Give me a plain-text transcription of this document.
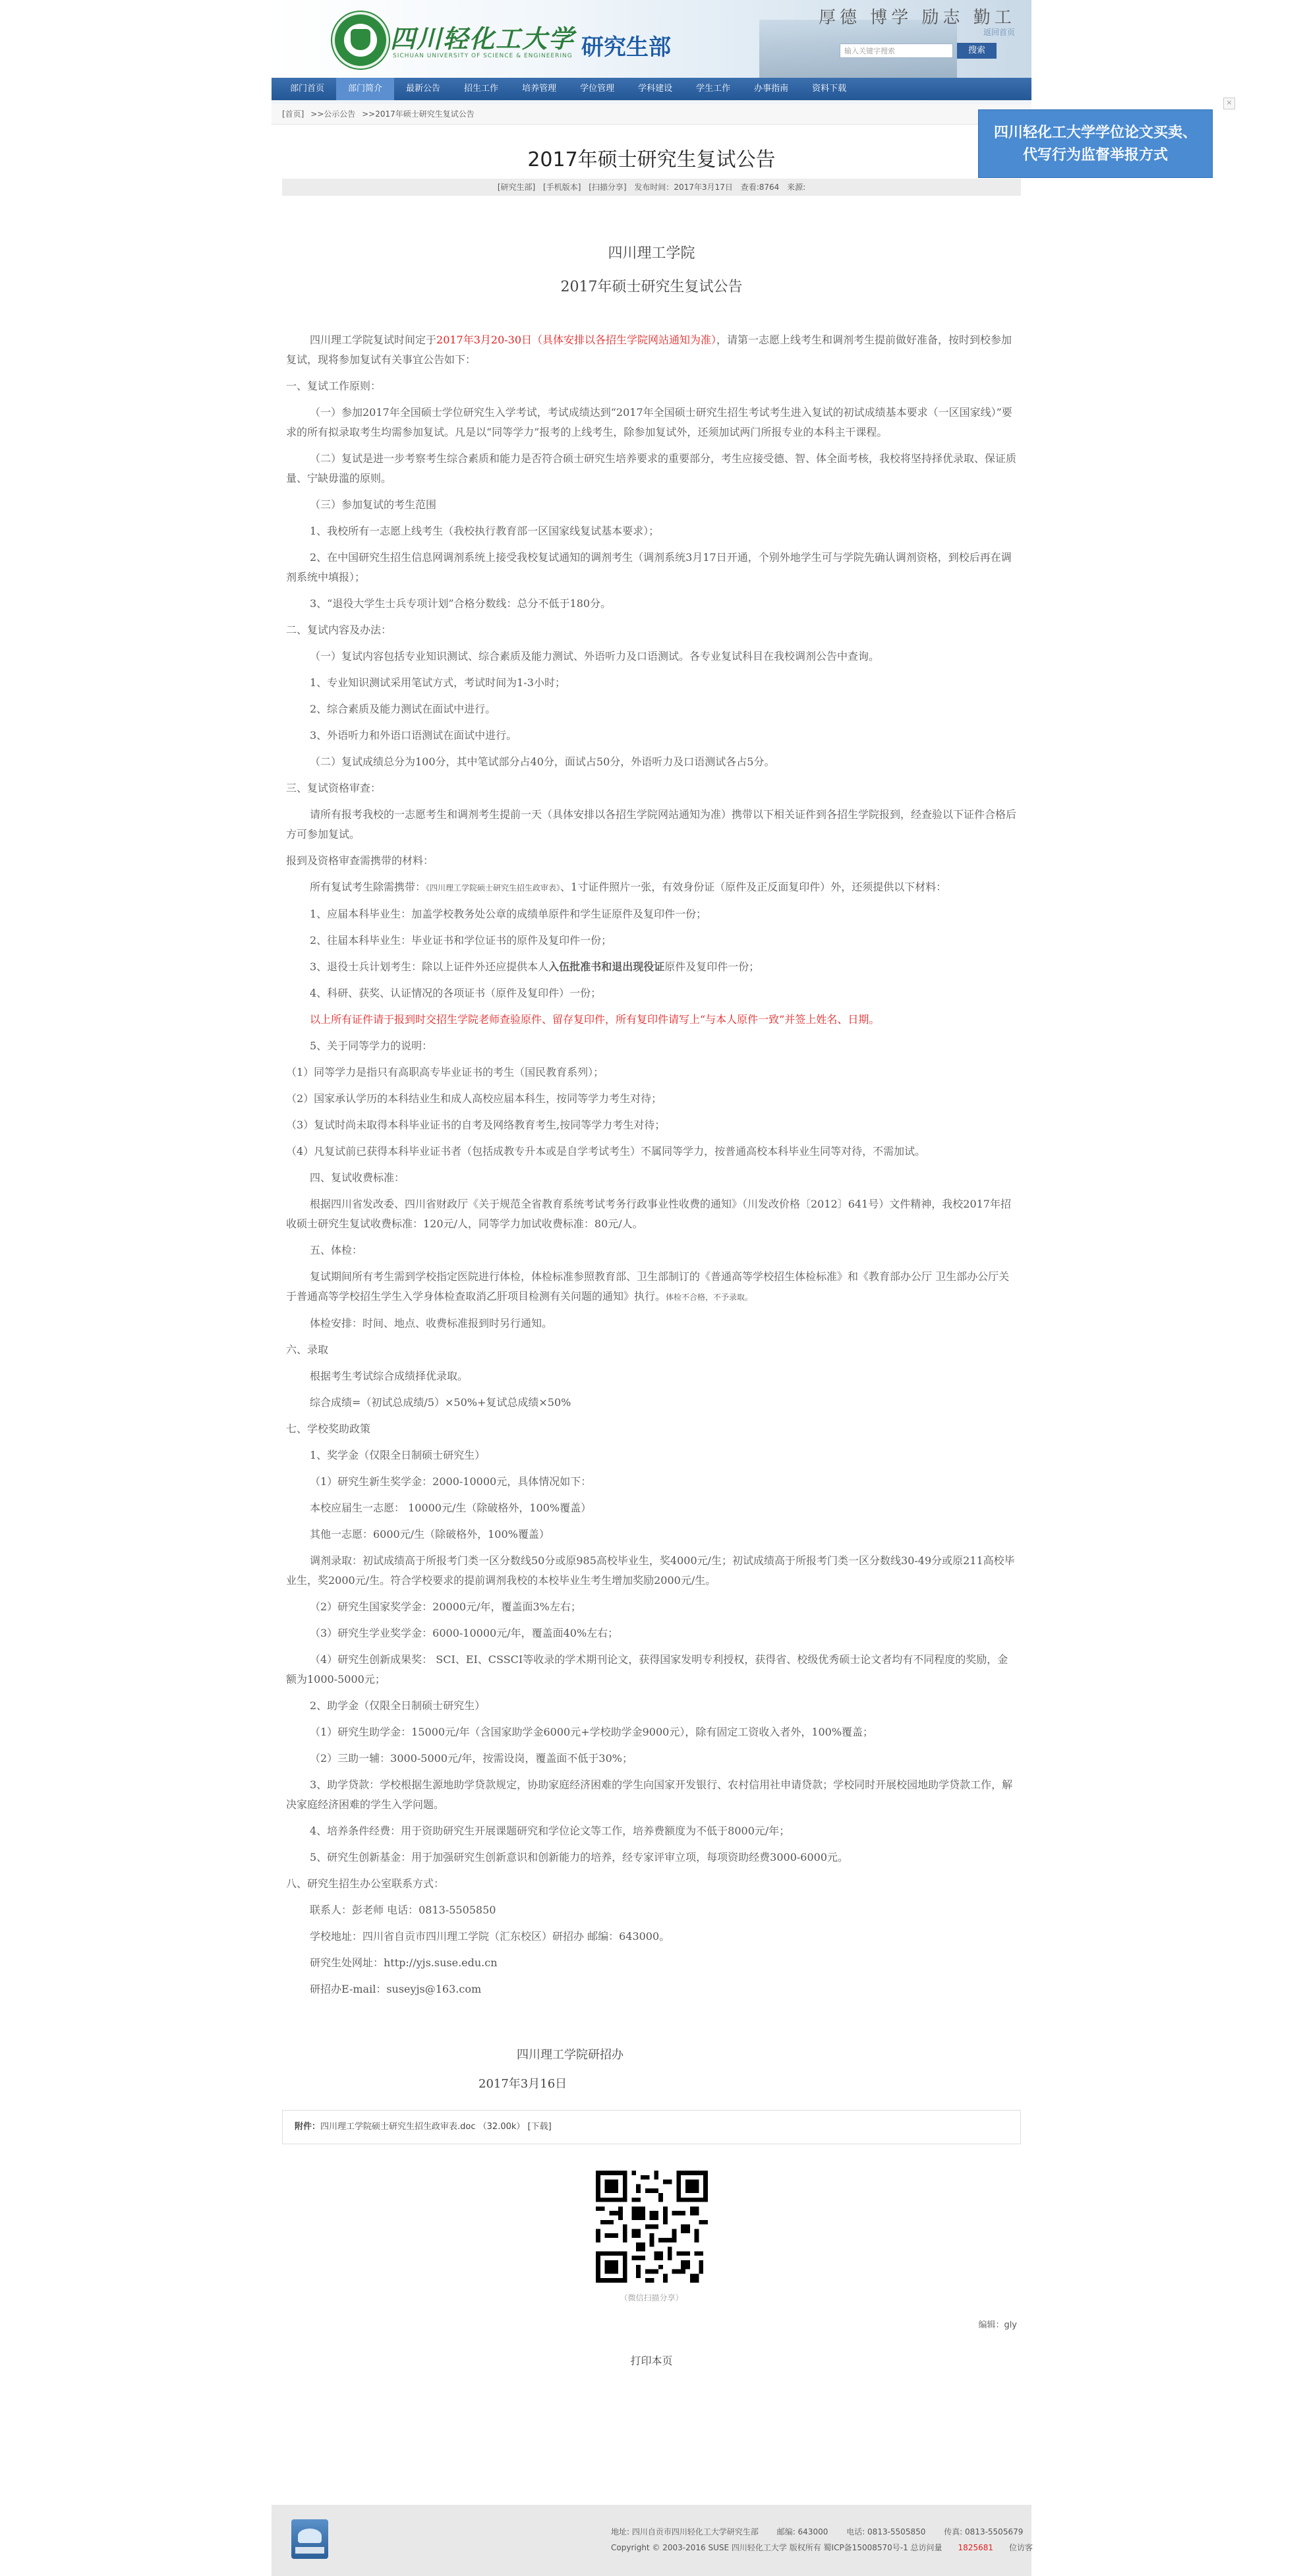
四川轻化工大学
SICHUAN UNIVERSITY OF SCIENCE & ENGINEERING 研究生部
厚德 博学 励志 勤工
返回首页
输入关键字搜索	搜索
部门首页	部门简介	最新公告	招生工作	培养管理	学位管理	学科建设	学生工作	办事指南	资料下载
[首页] >>公示公告 >>2017年硕士研究生复试公告
2017年硕士研究生复试公告
[研究生部] [手机版本] [扫描分享] 发布时间：2017年3月17日 查看:8764 来源:
四川理工学院
2017年硕士研究生复试公告
四川理工学院复试时间定于2017年3月20-30日（具体安排以各招生学院网站通知为准），请第一志愿上线考生和调剂考生提前做好准备，按时到校参加复试，现将参加复试有关事宜公告如下：
一、复试工作原则：
（一）参加2017年全国硕士学位研究生入学考试，考试成绩达到“2017年全国硕士研究生招生考试考生进入复试的初试成绩基本要求（一区国家线）”要求的所有拟录取考生均需参加复试。凡是以“同等学力”报考的上线考生，除参加复试外，还须加试两门所报专业的本科主干课程。
（二）复试是进一步考察考生综合素质和能力是否符合硕士研究生培养要求的重要部分，考生应接受德、智、体全面考核，我校将坚持择优录取、保证质量、宁缺毋滥的原则。
（三）参加复试的考生范围
1、我校所有一志愿上线考生（我校执行教育部一区国家线复试基本要求）；
2、在中国研究生招生信息网调剂系统上接受我校复试通知的调剂考生（调剂系统3月17日开通，个别外地学生可与学院先确认调剂资格，到校后再在调剂系统中填报）；
3、“退役大学生士兵专项计划”合格分数线：总分不低于180分。
二、复试内容及办法：
（一）复试内容包括专业知识测试、综合素质及能力测试、外语听力及口语测试。各专业复试科目在我校调剂公告中查询。
1、专业知识测试采用笔试方式，考试时间为1-3小时；
2、综合素质及能力测试在面试中进行。
3、外语听力和外语口语测试在面试中进行。
（二）复试成绩总分为100分，其中笔试部分占40分，面试占50分，外语听力及口语测试各占5分。
三、复试资格审查：
请所有报考我校的一志愿考生和调剂考生提前一天（具体安排以各招生学院网站通知为准）携带以下相关证件到各招生学院报到，经查验以下证件合格后方可参加复试。
报到及资格审查需携带的材料：
所有复试考生除需携带：《四川理工学院硕士研究生招生政审表》、1寸证件照片一张，有效身份证（原件及正反面复印件）外，还须提供以下材料：
1、应届本科毕业生：加盖学校教务处公章的成绩单原件和学生证原件及复印件一份；
2、往届本科毕业生：毕业证书和学位证书的原件及复印件一份；
3、退役士兵计划考生：除以上证件外还应提供本人入伍批准书和退出现役证原件及复印件一份；
4、科研、获奖、认证情况的各项证书（原件及复印件）一份；
以上所有证件请于报到时交招生学院老师查验原件、留存复印件，所有复印件请写上“与本人原件一致”并签上姓名、日期。
5、关于同等学力的说明：
（1）同等学力是指只有高职高专毕业证书的考生（国民教育系列）；
（2）国家承认学历的本科结业生和成人高校应届本科生，按同等学力考生对待；
（3）复试时尚未取得本科毕业证书的自考及网络教育考生,按同等学力考生对待；
（4）凡复试前已获得本科毕业证书者（包括成教专升本或是自学考试考生）不属同等学力，按普通高校本科毕业生同等对待，不需加试。
四、复试收费标准：
根据四川省发改委、四川省财政厅《关于规范全省教育系统考试考务行政事业性收费的通知》（川发改价格〔2012〕641号）文件精神，我校2017年招收硕士研究生复试收费标准：120元/人，同等学力加试收费标准：80元/人。
五、体检：
复试期间所有考生需到学校指定医院进行体检，体检标准参照教育部、卫生部制订的《普通高等学校招生体检标准》和《教育部办公厅 卫生部办公厅关于普通高等学校招生学生入学身体检查取消乙肝项目检测有关问题的通知》执行。体检不合格，不予录取。
体检安排：时间、地点、收费标准报到时另行通知。
六、录取
根据考生考试综合成绩择优录取。
综合成绩=（初试总成绩/5）×50%+复试总成绩×50%
七、学校奖助政策
1、奖学金（仅限全日制硕士研究生）
（1）研究生新生奖学金：2000-10000元，具体情况如下：
本校应届生一志愿： 10000元/生（除破格外，100%覆盖）
其他一志愿：6000元/生（除破格外，100%覆盖）
调剂录取：初试成绩高于所报考门类一区分数线50分或原985高校毕业生，奖4000元/生；初试成绩高于所报考门类一区分数线30-49分或原211高校毕业生，奖2000元/生。符合学校要求的提前调剂我校的本校毕业生考生增加奖励2000元/生。
（2）研究生国家奖学金：20000元/年，覆盖面3%左右；
（3）研究生学业奖学金：6000-10000元/年，覆盖面40%左右；
（4）研究生创新成果奖： SCI、EI、CSSCI等收录的学术期刊论文，获得国家发明专利授权，获得省、校级优秀硕士论文者均有不同程度的奖励，金额为1000-5000元；
2、助学金（仅限全日制硕士研究生）
（1）研究生助学金：15000元/年（含国家助学金6000元+学校助学金9000元），除有固定工资收入者外，100%覆盖；
（2）三助一辅：3000-5000元/年，按需设岗，覆盖面不低于30%；
3、助学贷款：学校根据生源地助学贷款规定，协助家庭经济困难的学生向国家开发银行、农村信用社申请贷款；学校同时开展校园地助学贷款工作，解决家庭经济困难的学生入学问题。
4、培养条件经费：用于资助研究生开展课题研究和学位论文等工作，培养费额度为不低于8000元/年；
5、研究生创新基金：用于加强研究生创新意识和创新能力的培养，经专家评审立项，每项资助经费3000-6000元。
八、研究生招生办公室联系方式：
联系人：彭老师 电话：0813-5505850
学校地址：四川省自贡市四川理工学院（汇东校区）研招办 邮编：643000。
研究生处网址：http://yjs.suse.edu.cn
研招办E-mail：suseyjs@163.com
四川理工学院研招办
2017年3月16日
附件：四川理工学院硕士研究生招生政审表.doc （32.00k） [下载]
（微信扫描分享）
编辑：gly
打印本页
地址: 四川自贡市四川轻化工大学研究生部 邮编: 643000 电话: 0813-5505850 传真: 0813-5505679
Copyright © 2003-2016 SUSE 四川轻化工大学 版权所有 蜀ICP备15008570号-1 总访问量 1825681 位访客
×
四川轻化工大学学位论文买卖、
代写行为监督举报方式
